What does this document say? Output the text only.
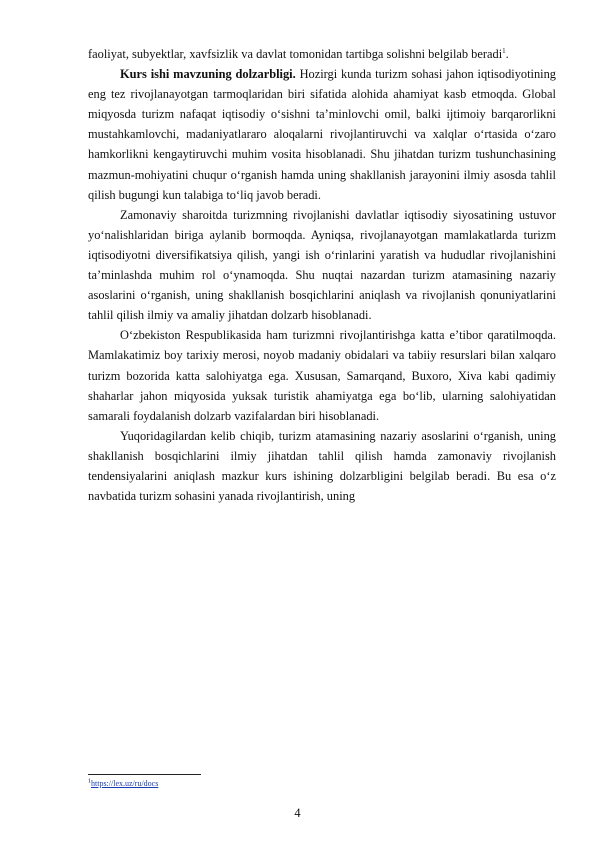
faoliyat, subyektlar, xavfsizlik va davlat tomonidan tartibga solishni belgilab beradi$^1$.

Kurs ishi mavzuning dolzarbligi. Hozirgi kunda turizm sohasi jahon iqtisodiyotining eng tez rivojlanayotgan tarmoqlaridan biri sifatida alohida ahamiyat kasb etmoqda. Global miqyosda turizm nafaqat iqtisodiy oʻsishni taʼminlovchi omil, balki ijtimoiy barqarorlikni mustahkamlovchi, madaniyatlararo aloqalarni rivojlantiruvchi va xalqlar oʻrtasida oʻzaro hamkorlikni kengaytiruvchi muhim vosita hisoblanadi. Shu jihatdan turizm tushunchasining mazmun-mohiyatini chuqur oʻrganish hamda uning shakllanish jarayonini ilmiy asosda tahlil qilish bugungi kun talabiga toʻliq javob beradi.

Zamonaviy sharoitda turizmning rivojlanishi davlatlar iqtisodiy siyosatining ustuvor yoʻnalishlaridan biriga aylanib bormoqda. Ayniqsa, rivojlanayotgan mamlakatlarda turizm iqtisodiyotni diversifikatsiya qilish, yangi ish oʻrinlarini yaratish va hududlar rivojlanishini taʼminlashda muhim rol oʻynamoqda. Shu nuqtai nazardan turizm atamasining nazariy asoslarini oʻrganish, uning shakllanish bosqichlarini aniqlash va rivojlanish qonuniyatlarini tahlil qilish ilmiy va amaliy jihatdan dolzarb hisoblanadi.

Oʻzbekiston Respublikasida ham turizmni rivojlantirishga katta eʼtibor qaratilmoqda. Mamlakatimiz boy tarixiy merosi, noyob madaniy obidalari va tabiiy resurslari bilan xalqaro turizm bozorida katta salohiyatga ega. Xususan, Samarqand, Buxoro, Xiva kabi qadimiy shaharlar jahon miqyosida yuksak turistik ahamiyatga ega boʻlib, ularning salohiyatidan samarali foydalanish dolzarb vazifalardan biri hisoblanadi.

Yuqoridagilardan kelib chiqib, turizm atamasining nazariy asoslarini oʻrganish, uning shakllanish bosqichlarini ilmiy jihatdan tahlil qilish hamda zamonaviy rivojlanish tendensiyalarini aniqlash mazkur kurs ishining dolzarbligini belgilab beradi. Bu esa oʻz navbatida turizm sohasini yanada rivojlantirish, uning

$^1$https://lex.uz/ru/docs
4
